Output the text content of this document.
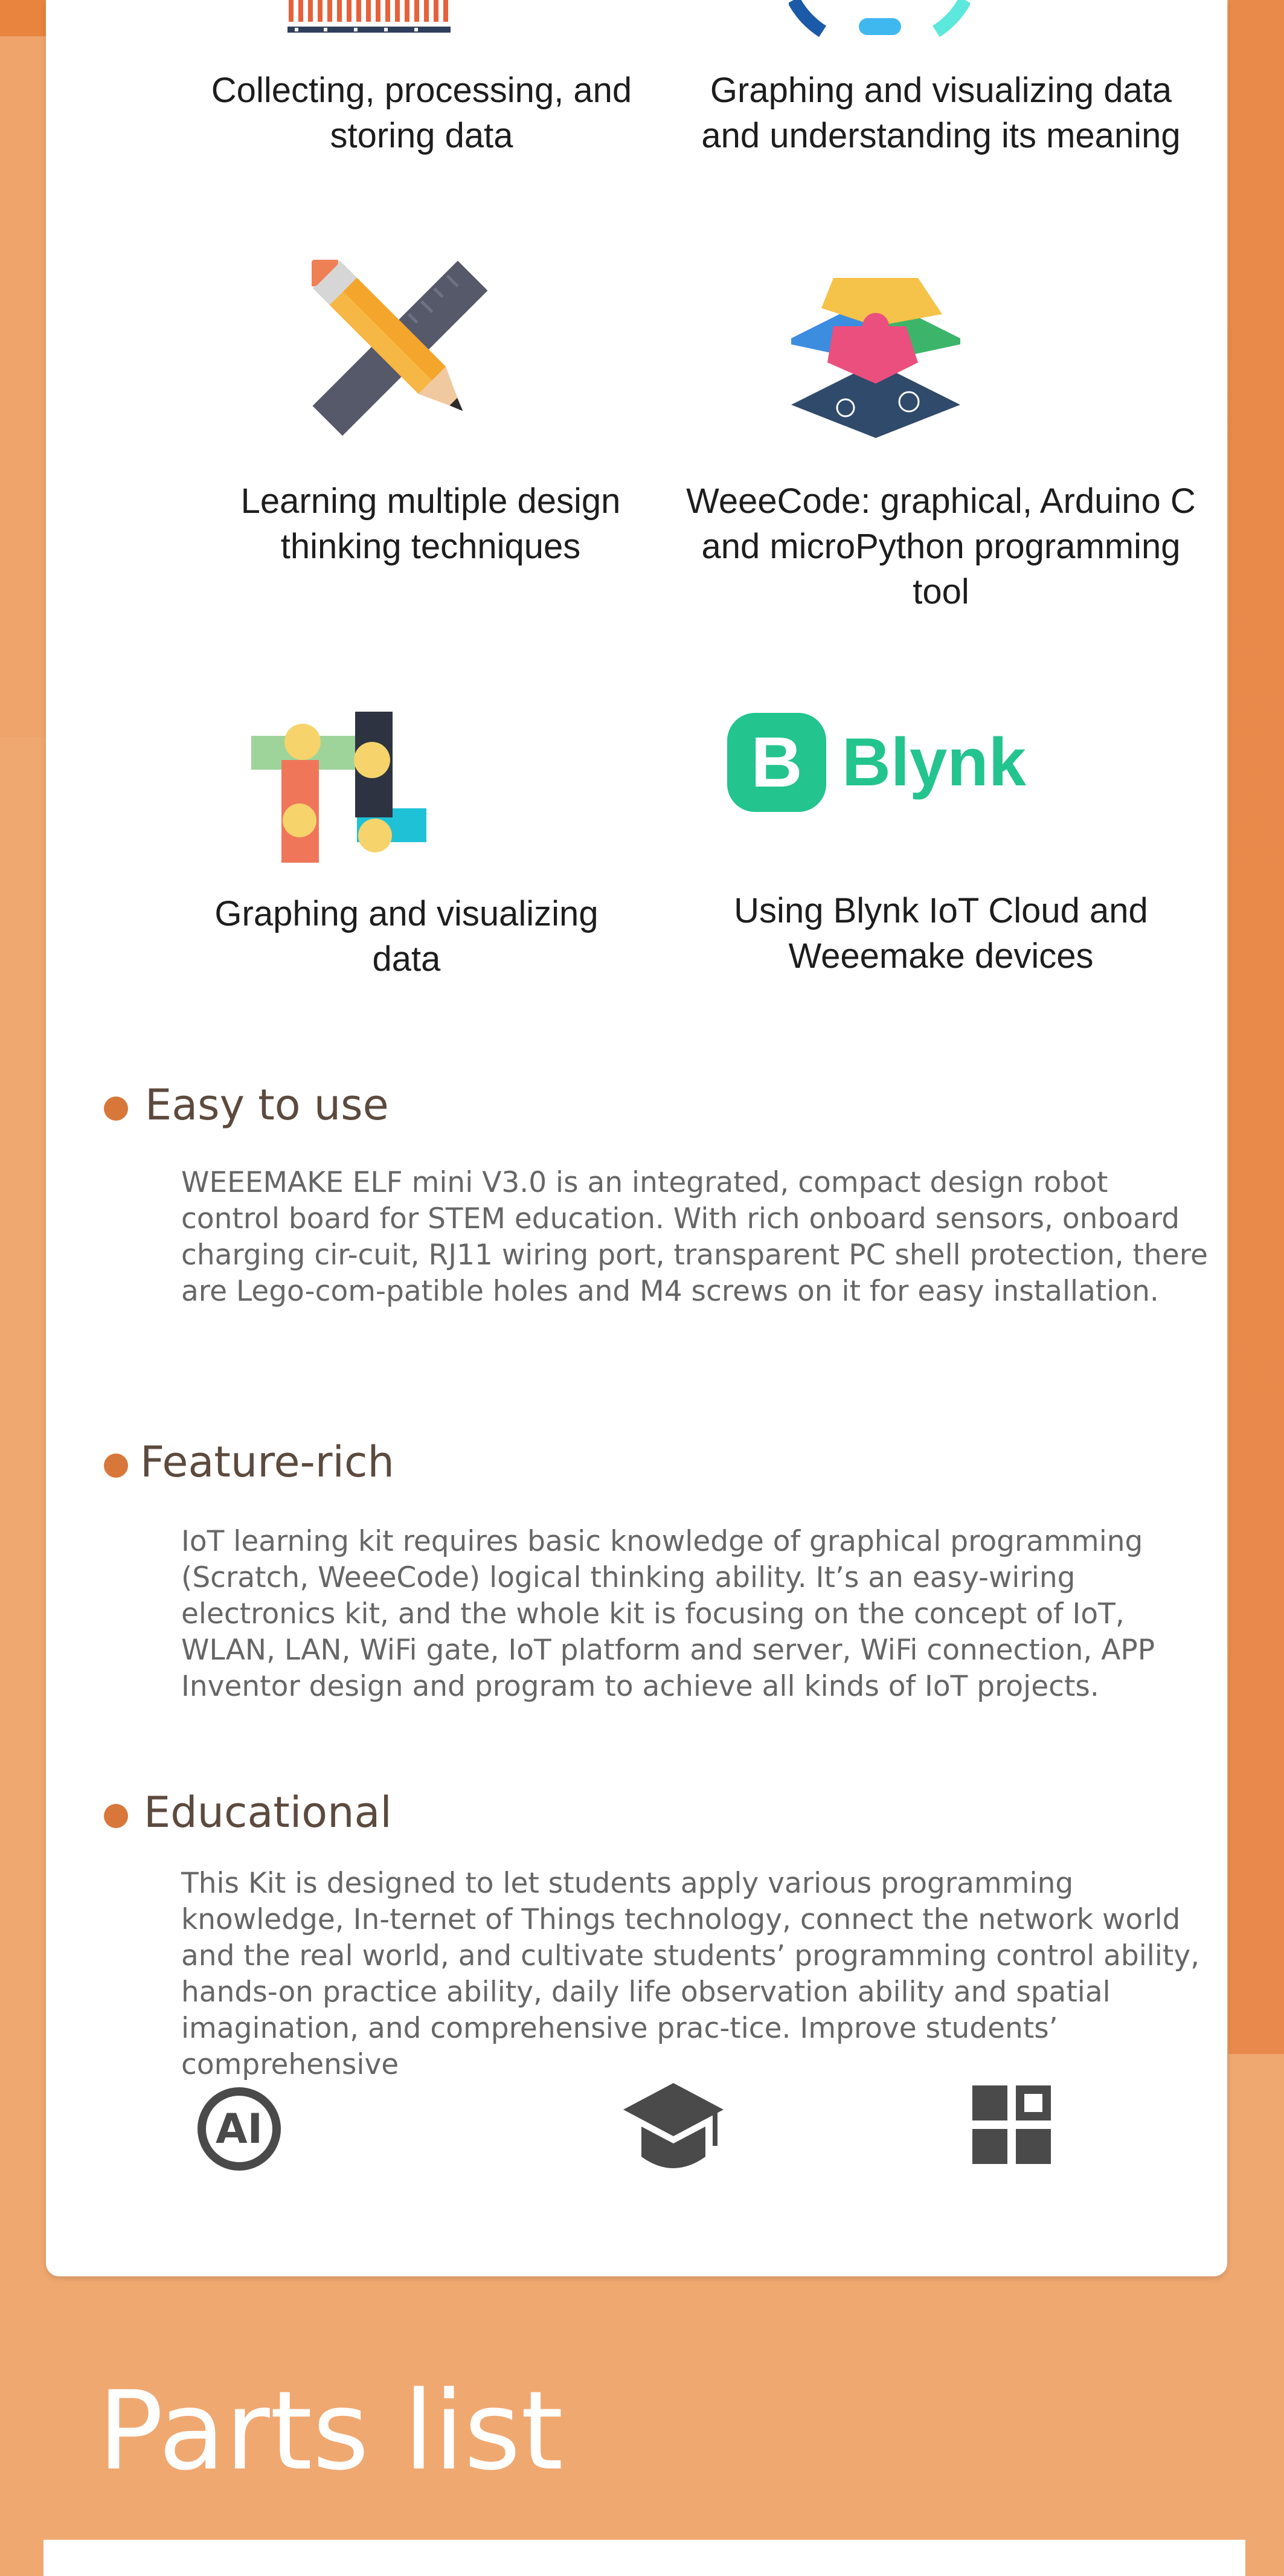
Collecting, processing, and
storing data
Graphing and visualizing data
and understanding its meaning
Learning multiple design
thinking techniques
WeeeCode: graphical, Arduino C
and microPython programming
tool
Graphing and visualizing
data
B Blynk
Using Blynk IoT Cloud and
Weeemake devices
Easy to use
WEEEMAKE ELF mini V3.0 is an integrated, compact design robot control board for STEM education. With rich onboard sensors, onboard charging cir-cuit, RJ11 wiring port, transparent PC shell protection, there are Lego-com-patible holes and M4 screws on it for easy installation.
Feature-rich
IoT learning kit requires basic knowledge of graphical programming (Scratch, WeeeCode) logical thinking ability. It’s an easy-wiring electronics kit, and the whole kit is focusing on the concept of IoT, WLAN, LAN, WiFi gate, IoT platform and server, WiFi connection, APP Inventor design and program to achieve all kinds of IoT projects.
Educational
This Kit is designed to let students apply various programming knowledge, In-ternet of Things technology, connect the network world and the real world, and cultivate students’ programming control ability, hands-on practice ability, daily life observation ability and spatial imagination, and comprehensive prac-tice. Improve students’ comprehensive
AI
Parts list
